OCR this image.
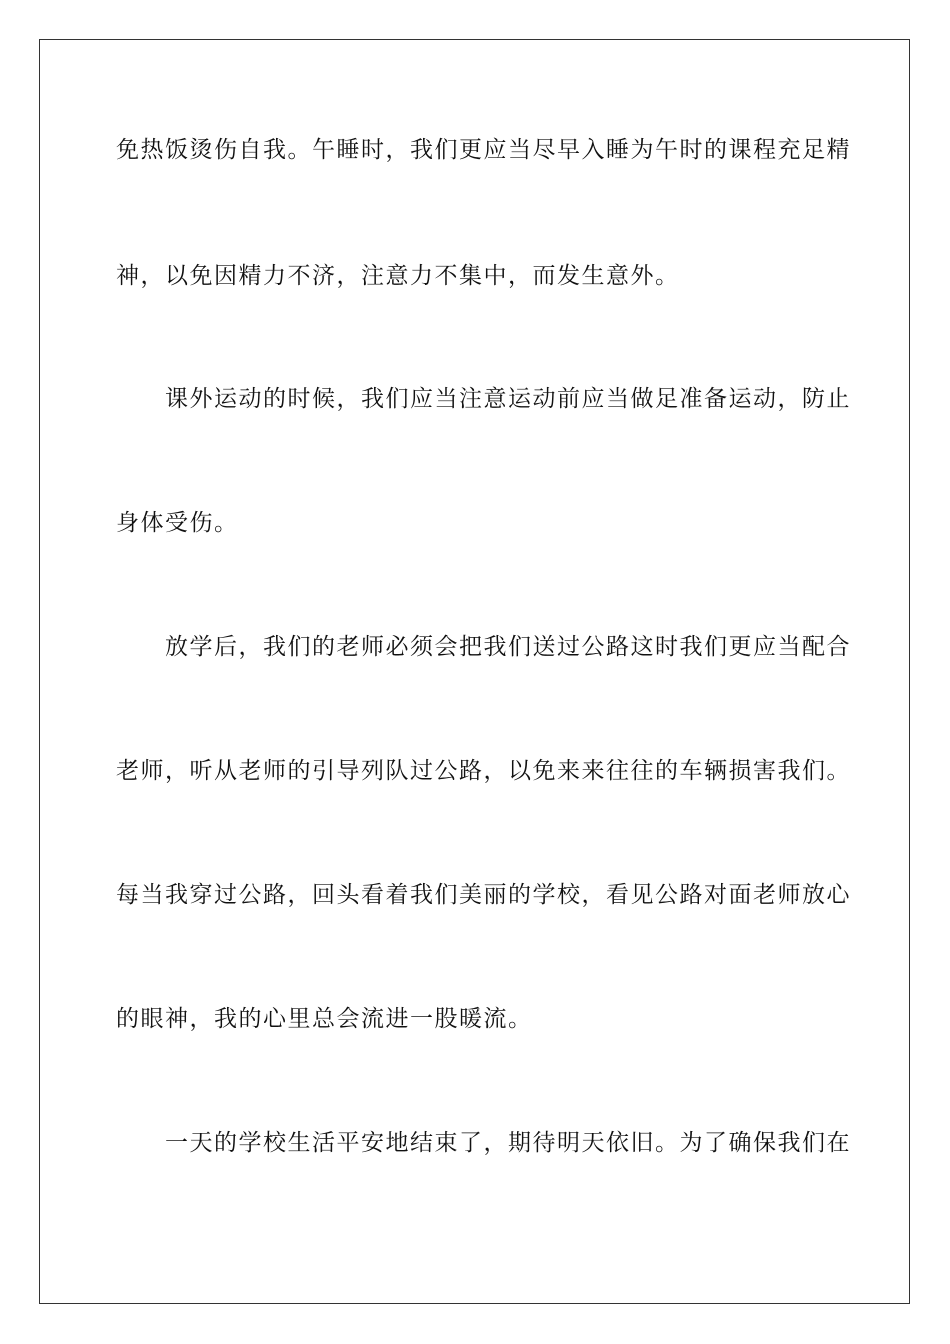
免热饭烫伤自我。午睡时，我们更应当尽早入睡为午时的课程充足精
神，以免因精力不济，注意力不集中，而发生意外。
课外运动的时候，我们应当注意运动前应当做足准备运动，防止
身体受伤。
放学后，我们的老师必须会把我们送过公路这时我们更应当配合
老师，听从老师的引导列队过公路，以免来来往往的车辆损害我们。
每当我穿过公路，回头看着我们美丽的学校，看见公路对面老师放心
的眼神，我的心里总会流进一股暖流。
一天的学校生活平安地结束了，期待明天依旧。为了确保我们在
